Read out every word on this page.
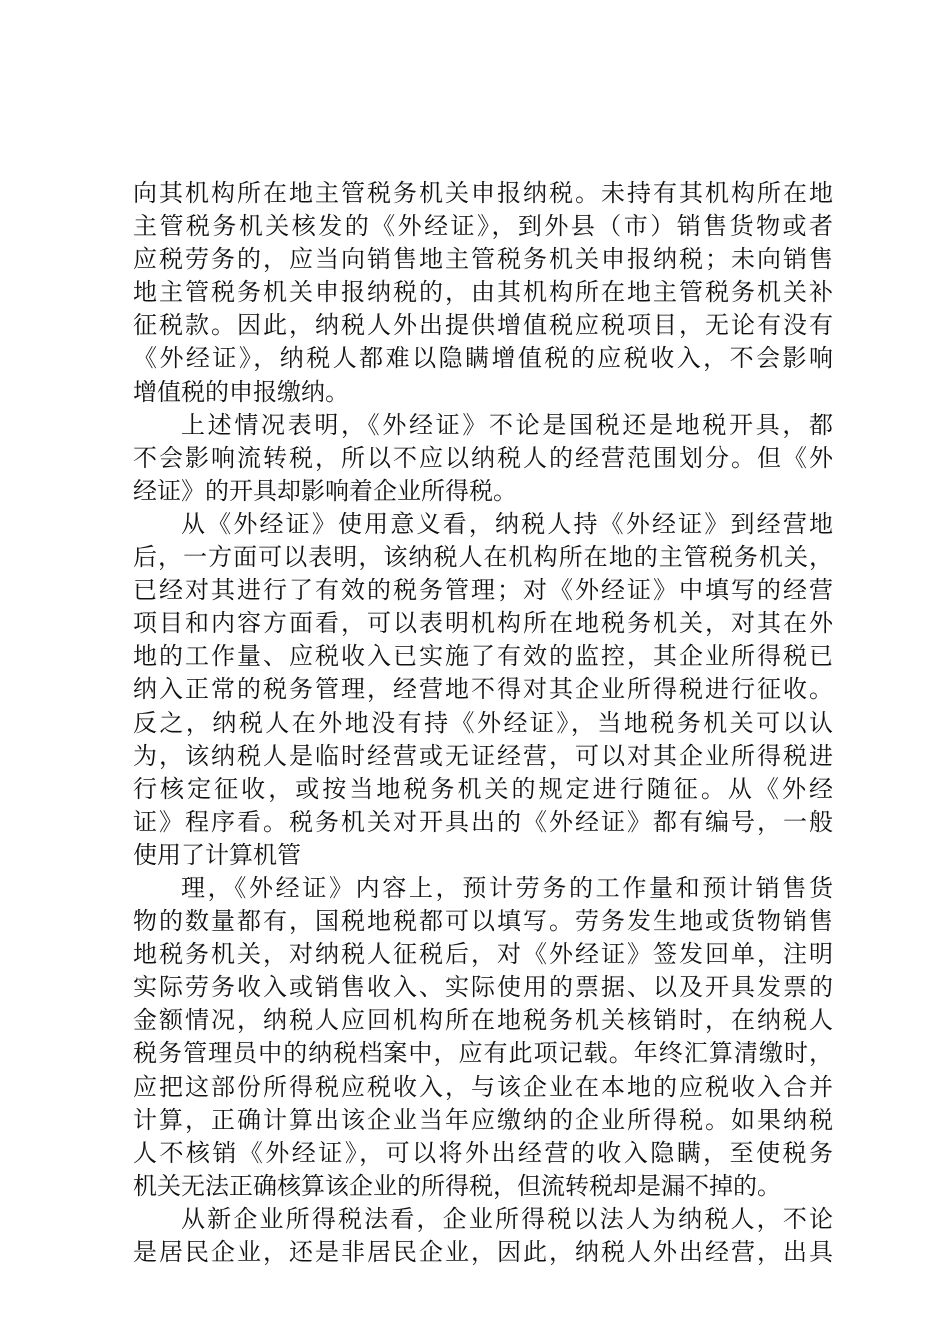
向其机构所在地主管税务机关申报纳税。未持有其机构所在地
主管税务机关核发的《外经证》，到外县（市）销售货物或者
应税劳务的，应当向销售地主管税务机关申报纳税；未向销售
地主管税务机关申报纳税的，由其机构所在地主管税务机关补
征税款。因此，纳税人外出提供增值税应税项目，无论有没有
《外经证》，纳税人都难以隐瞒增值税的应税收入，不会影响
增值税的申报缴纳。
上述情况表明，《外经证》不论是国税还是地税开具，都
不会影响流转税，所以不应以纳税人的经营范围划分。但《外
经证》的开具却影响着企业所得税。
从《外经证》使用意义看，纳税人持《外经证》到经营地
后，一方面可以表明，该纳税人在机构所在地的主管税务机关，
已经对其进行了有效的税务管理；对《外经证》中填写的经营
项目和内容方面看，可以表明机构所在地税务机关，对其在外
地的工作量、应税收入已实施了有效的监控，其企业所得税已
纳入正常的税务管理，经营地不得对其企业所得税进行征收。
反之，纳税人在外地没有持《外经证》，当地税务机关可以认
为，该纳税人是临时经营或无证经营，可以对其企业所得税进
行核定征收，或按当地税务机关的规定进行随征。从《外经
证》程序看。税务机关对开具出的《外经证》都有编号，一般
使用了计算机管
理，《外经证》内容上，预计劳务的工作量和预计销售货
物的数量都有，国税地税都可以填写。劳务发生地或货物销售
地税务机关，对纳税人征税后，对《外经证》签发回单，注明
实际劳务收入或销售收入、实际使用的票据、以及开具发票的
金额情况，纳税人应回机构所在地税务机关核销时，在纳税人
税务管理员中的纳税档案中，应有此项记载。年终汇算清缴时，
应把这部份所得税应税收入，与该企业在本地的应税收入合并
计算，正确计算出该企业当年应缴纳的企业所得税。如果纳税
人不核销《外经证》，可以将外出经营的收入隐瞒，至使税务
机关无法正确核算该企业的所得税，但流转税却是漏不掉的。
从新企业所得税法看，企业所得税以法人为纳税人，不论
是居民企业，还是非居民企业，因此，纳税人外出经营，出具
